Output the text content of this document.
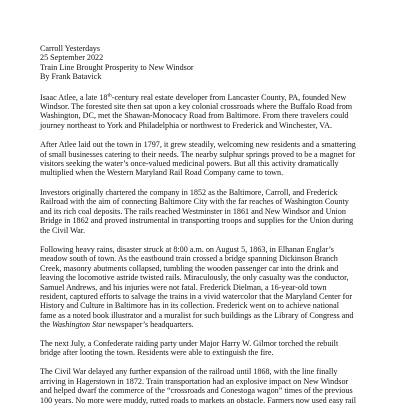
Carroll Yesterdays
25 September 2022
Train Line Brought Prosperity to New Windsor
By Frank Batavick
Isaac Atlee, a late 18th-century real estate developer from Lancaster County, PA, founded New
Windsor. The forested site then sat upon a key colonial crossroads where the Buffalo Road from
Washington, DC, met the Shawan-Monocacy Road from Baltimore. From there travelers could
journey northeast to York and Philadelphia or northwest to Frederick and Winchester, VA.
After Atlee laid out the town in 1797, it grew steadily, welcoming new residents and a smattering
of small businesses catering to their needs. The nearby sulphur springs proved to be a magnet for
visitors seeking the water’s once-valued medicinal powers. But all this activity dramatically
multiplied when the Western Maryland Rail Road Company came to town.
Investors originally chartered the company in 1852 as the Baltimore, Carroll, and Frederick
Railroad with the aim of connecting Baltimore City with the far reaches of Washington County
and its rich coal deposits. The rails reached Westminster in 1861 and New Windsor and Union
Bridge in 1862 and proved instrumental in transporting troops and supplies for the Union during
the Civil War.
Following heavy rains, disaster struck at 8:00 a.m. on August 5, 1863, in Elhanan Englar’s
meadow south of town. As the eastbound train crossed a bridge spanning Dickinson Branch
Creek, masonry abutments collapsed, tumbling the wooden passenger car into the drink and
leaving the locomotive astride twisted rails. Miraculously, the only casualty was the conductor,
Samuel Andrews, and his injuries were not fatal. Frederick Dielman, a 16-year-old town
resident, captured efforts to salvage the trains in a vivid watercolor that the Maryland Center for
History and Culture in Baltimore has in its collection. Frederick went on to achieve national
fame as a noted book illustrator and a muralist for such buildings as the Library of Congress and
the Washington Star newspaper’s headquarters.
The next July, a Confederate raiding party under Major Harry W. Gilmor torched the rebuilt
bridge after looting the town. Residents were able to extinguish the fire.
The Civil War delayed any further expansion of the railroad until 1868, with the line finally
arriving in Hagerstown in 1872. Train transportation had an explosive impact on New Windsor
and helped dwarf the commerce of the “crossroads and Conestoga wagon” times of the previous
100 years. No more were muddy, rutted roads to markets an obstacle. Farmers now used easy rail
